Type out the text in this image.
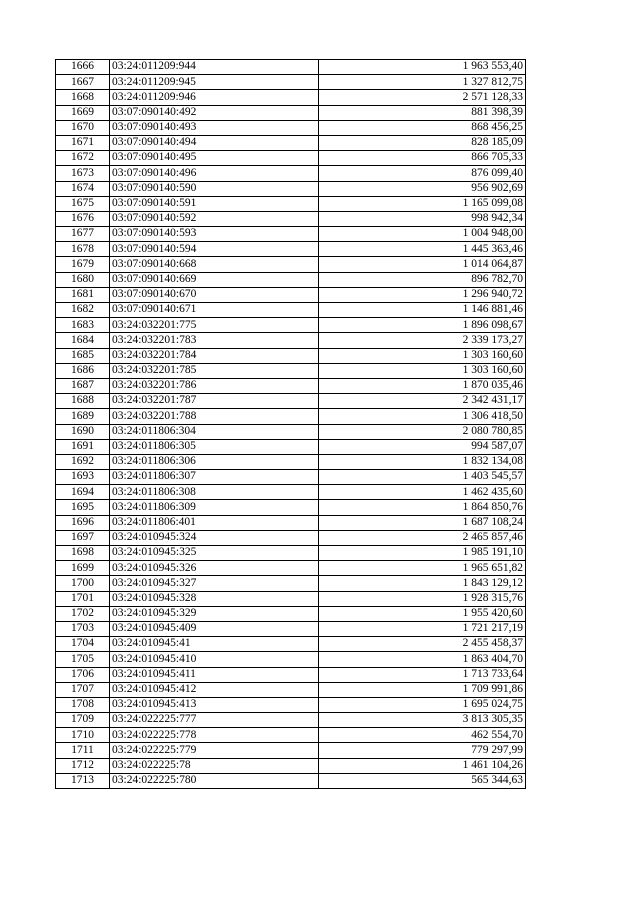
1666	03:24:011209:944	1 963 553,40
1667	03:24:011209:945	1 327 812,75
1668	03:24:011209:946	2 571 128,33
1669	03:07:090140:492	881 398,39
1670	03:07:090140:493	868 456,25
1671	03:07:090140:494	828 185,09
1672	03:07:090140:495	866 705,33
1673	03:07:090140:496	876 099,40
1674	03:07:090140:590	956 902,69
1675	03:07:090140:591	1 165 099,08
1676	03:07:090140:592	998 942,34
1677	03:07:090140:593	1 004 948,00
1678	03:07:090140:594	1 445 363,46
1679	03:07:090140:668	1 014 064,87
1680	03:07:090140:669	896 782,70
1681	03:07:090140:670	1 296 940,72
1682	03:07:090140:671	1 146 881,46
1683	03:24:032201:775	1 896 098,67
1684	03:24:032201:783	2 339 173,27
1685	03:24:032201:784	1 303 160,60
1686	03:24:032201:785	1 303 160,60
1687	03:24:032201:786	1 870 035,46
1688	03:24:032201:787	2 342 431,17
1689	03:24:032201:788	1 306 418,50
1690	03:24:011806:304	2 080 780,85
1691	03:24:011806:305	994 587,07
1692	03:24:011806:306	1 832 134,08
1693	03:24:011806:307	1 403 545,57
1694	03:24:011806:308	1 462 435,60
1695	03:24:011806:309	1 864 850,76
1696	03:24:011806:401	1 687 108,24
1697	03:24:010945:324	2 465 857,46
1698	03:24:010945:325	1 985 191,10
1699	03:24:010945:326	1 965 651,82
1700	03:24:010945:327	1 843 129,12
1701	03:24:010945:328	1 928 315,76
1702	03:24:010945:329	1 955 420,60
1703	03:24:010945:409	1 721 217,19
1704	03:24:010945:41	2 455 458,37
1705	03:24:010945:410	1 863 404,70
1706	03:24:010945:411	1 713 733,64
1707	03:24:010945:412	1 709 991,86
1708	03:24:010945:413	1 695 024,75
1709	03:24:022225:777	3 813 305,35
1710	03:24:022225:778	462 554,70
1711	03:24:022225:779	779 297,99
1712	03:24:022225:78	1 461 104,26
1713	03:24:022225:780	565 344,63
